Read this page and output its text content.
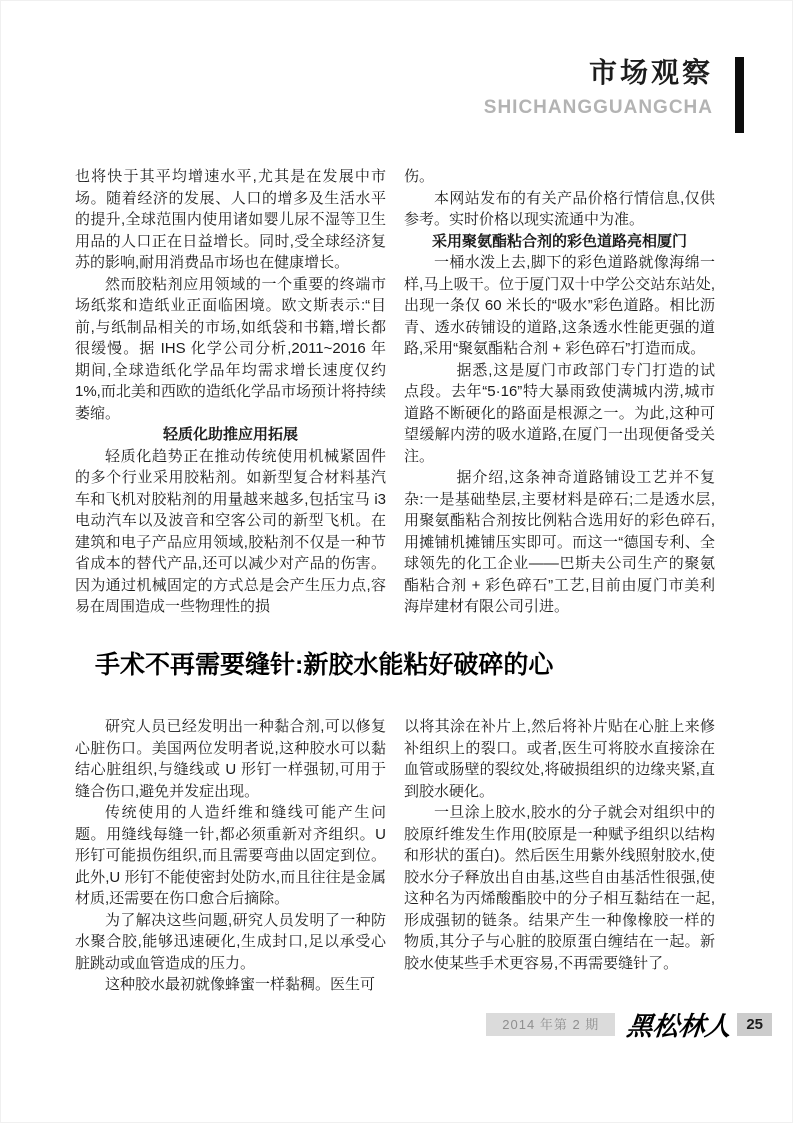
市场观察
SHICHANGGUANGCHA

也将快于其平均增速水平,尤其是在发展中市场。随着经济的发展、人口的增多及生活水平的提升,全球范围内使用诸如婴儿尿不湿等卫生用品的人口正在日益增长。同时,受全球经济复苏的影响,耐用消费品市场也在健康增长。

然而胶粘剂应用领域的一个重要的终端市场纸浆和造纸业正面临困境。欧文斯表示:“目前,与纸制品相关的市场,如纸袋和书籍,增长都很缓慢。据 IHS 化学公司分析,2011~2016 年期间,全球造纸化学品年均需求增长速度仅约 1%,而北美和西欧的造纸化学品市场预计将持续萎缩。

轻质化助推应用拓展

轻质化趋势正在推动传统使用机械紧固件的多个行业采用胶粘剂。如新型复合材料基汽车和飞机对胶粘剂的用量越来越多,包括宝马 i3 电动汽车以及波音和空客公司的新型飞机。在建筑和电子产品应用领域,胶粘剂不仅是一种节省成本的替代产品,还可以减少对产品的伤害。因为通过机械固定的方式总是会产生压力点,容易在周围造成一些物理性的损

伤。

本网站发布的有关产品价格行情信息,仅供参考。实时价格以现实流通中为准。

采用聚氨酯粘合剂的彩色道路亮相厦门

一桶水泼上去,脚下的彩色道路就像海绵一样,马上吸干。位于厦门双十中学公交站东站处,出现一条仅 60 米长的“吸水”彩色道路。相比沥青、透水砖铺设的道路,这条透水性能更强的道路,采用“聚氨酯粘合剂 + 彩色碎石”打造而成。

据悉,这是厦门市政部门专门打造的试点段。去年“5·16”特大暴雨致使满城内涝,城市道路不断硬化的路面是根源之一。为此,这种可望缓解内涝的吸水道路,在厦门一出现便备受关注。

据介绍,这条神奇道路铺设工艺并不复杂:一是基础垫层,主要材料是碎石;二是透水层,用聚氨酯粘合剂按比例粘合选用好的彩色碎石,用摊铺机摊铺压实即可。而这一“德国专利、全球领先的化工企业——巴斯夫公司生产的聚氨酯粘合剂 + 彩色碎石”工艺,目前由厦门市美利海岸建材有限公司引进。

手术不再需要缝针:新胶水能粘好破碎的心

研究人员已经发明出一种黏合剂,可以修复心脏伤口。美国两位发明者说,这种胶水可以黏结心脏组织,与缝线或 U 形钉一样强韧,可用于缝合伤口,避免并发症出现。

传统使用的人造纤维和缝线可能产生问题。用缝线每缝一针,都必须重新对齐组织。U 形钉可能损伤组织,而且需要弯曲以固定到位。此外,U 形钉不能使密封处防水,而且往往是金属材质,还需要在伤口愈合后摘除。

为了解决这些问题,研究人员发明了一种防水聚合胶,能够迅速硬化,生成封口,足以承受心脏跳动或血管造成的压力。

这种胶水最初就像蜂蜜一样黏稠。医生可

以将其涂在补片上,然后将补片贴在心脏上来修补组织上的裂口。或者,医生可将胶水直接涂在血管或肠壁的裂纹处,将破损组织的边缘夹紧,直到胶水硬化。

一旦涂上胶水,胶水的分子就会对组织中的胶原纤维发生作用(胶原是一种赋予组织以结构和形状的蛋白)。然后医生用紫外线照射胶水,使胶水分子释放出自由基,这些自由基活性很强,使这种名为丙烯酸酯胶中的分子相互黏结在一起,形成强韧的链条。结果产生一种像橡胶一样的物质,其分子与心脏的胶原蛋白缠结在一起。新胶水使某些手术更容易,不再需要缝针了。

2014 年第 2 期	黑松林人 25
